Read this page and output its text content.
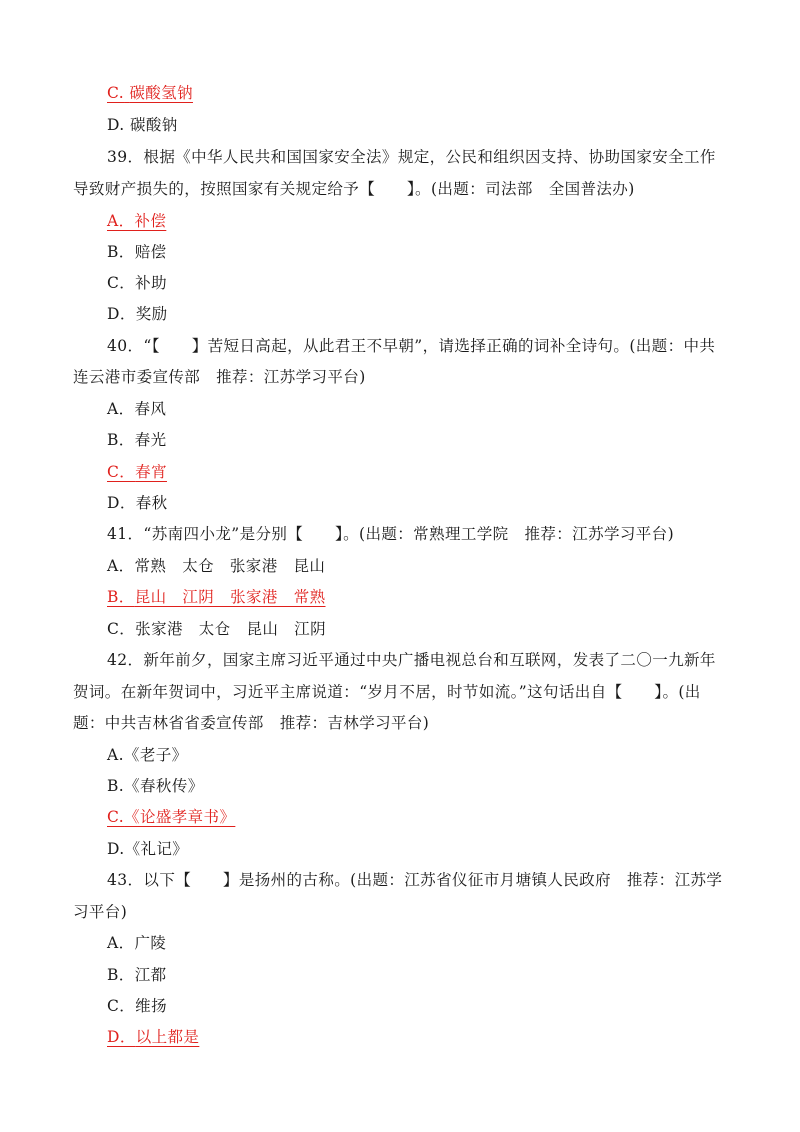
C. 碳酸氢钠
D. 碳酸钠
39．根据《中华人民共和国国家安全法》规定，公民和组织因支持、协助国家安全工作
导致财产损失的，按照国家有关规定给予【　　】。(出题：司法部　全国普法办)
A．补偿
B．赔偿
C．补助
D．奖励
40．“【　　】苦短日高起，从此君王不早朝”，请选择正确的词补全诗句。(出题：中共
连云港市委宣传部　推荐：江苏学习平台)
A．春风
B．春光
C．春宵
D．春秋
41．“苏南四小龙”是分别【　　】。(出题：常熟理工学院　推荐：江苏学习平台)
A．常熟　太仓　张家港　昆山
B．昆山　江阴　张家港　常熟
C．张家港　太仓　昆山　江阴
42．新年前夕，国家主席习近平通过中央广播电视总台和互联网，发表了二〇一九新年
贺词。在新年贺词中，习近平主席说道：“岁月不居，时节如流。”这句话出自【　　】。(出
题：中共吉林省省委宣传部　推荐：吉林学习平台)
A.《老子》
B.《春秋传》
C.《论盛孝章书》
D.《礼记》
43．以下【　　】是扬州的古称。(出题：江苏省仪征市月塘镇人民政府　推荐：江苏学
习平台)
A．广陵
B．江都
C．维扬
D．以上都是
